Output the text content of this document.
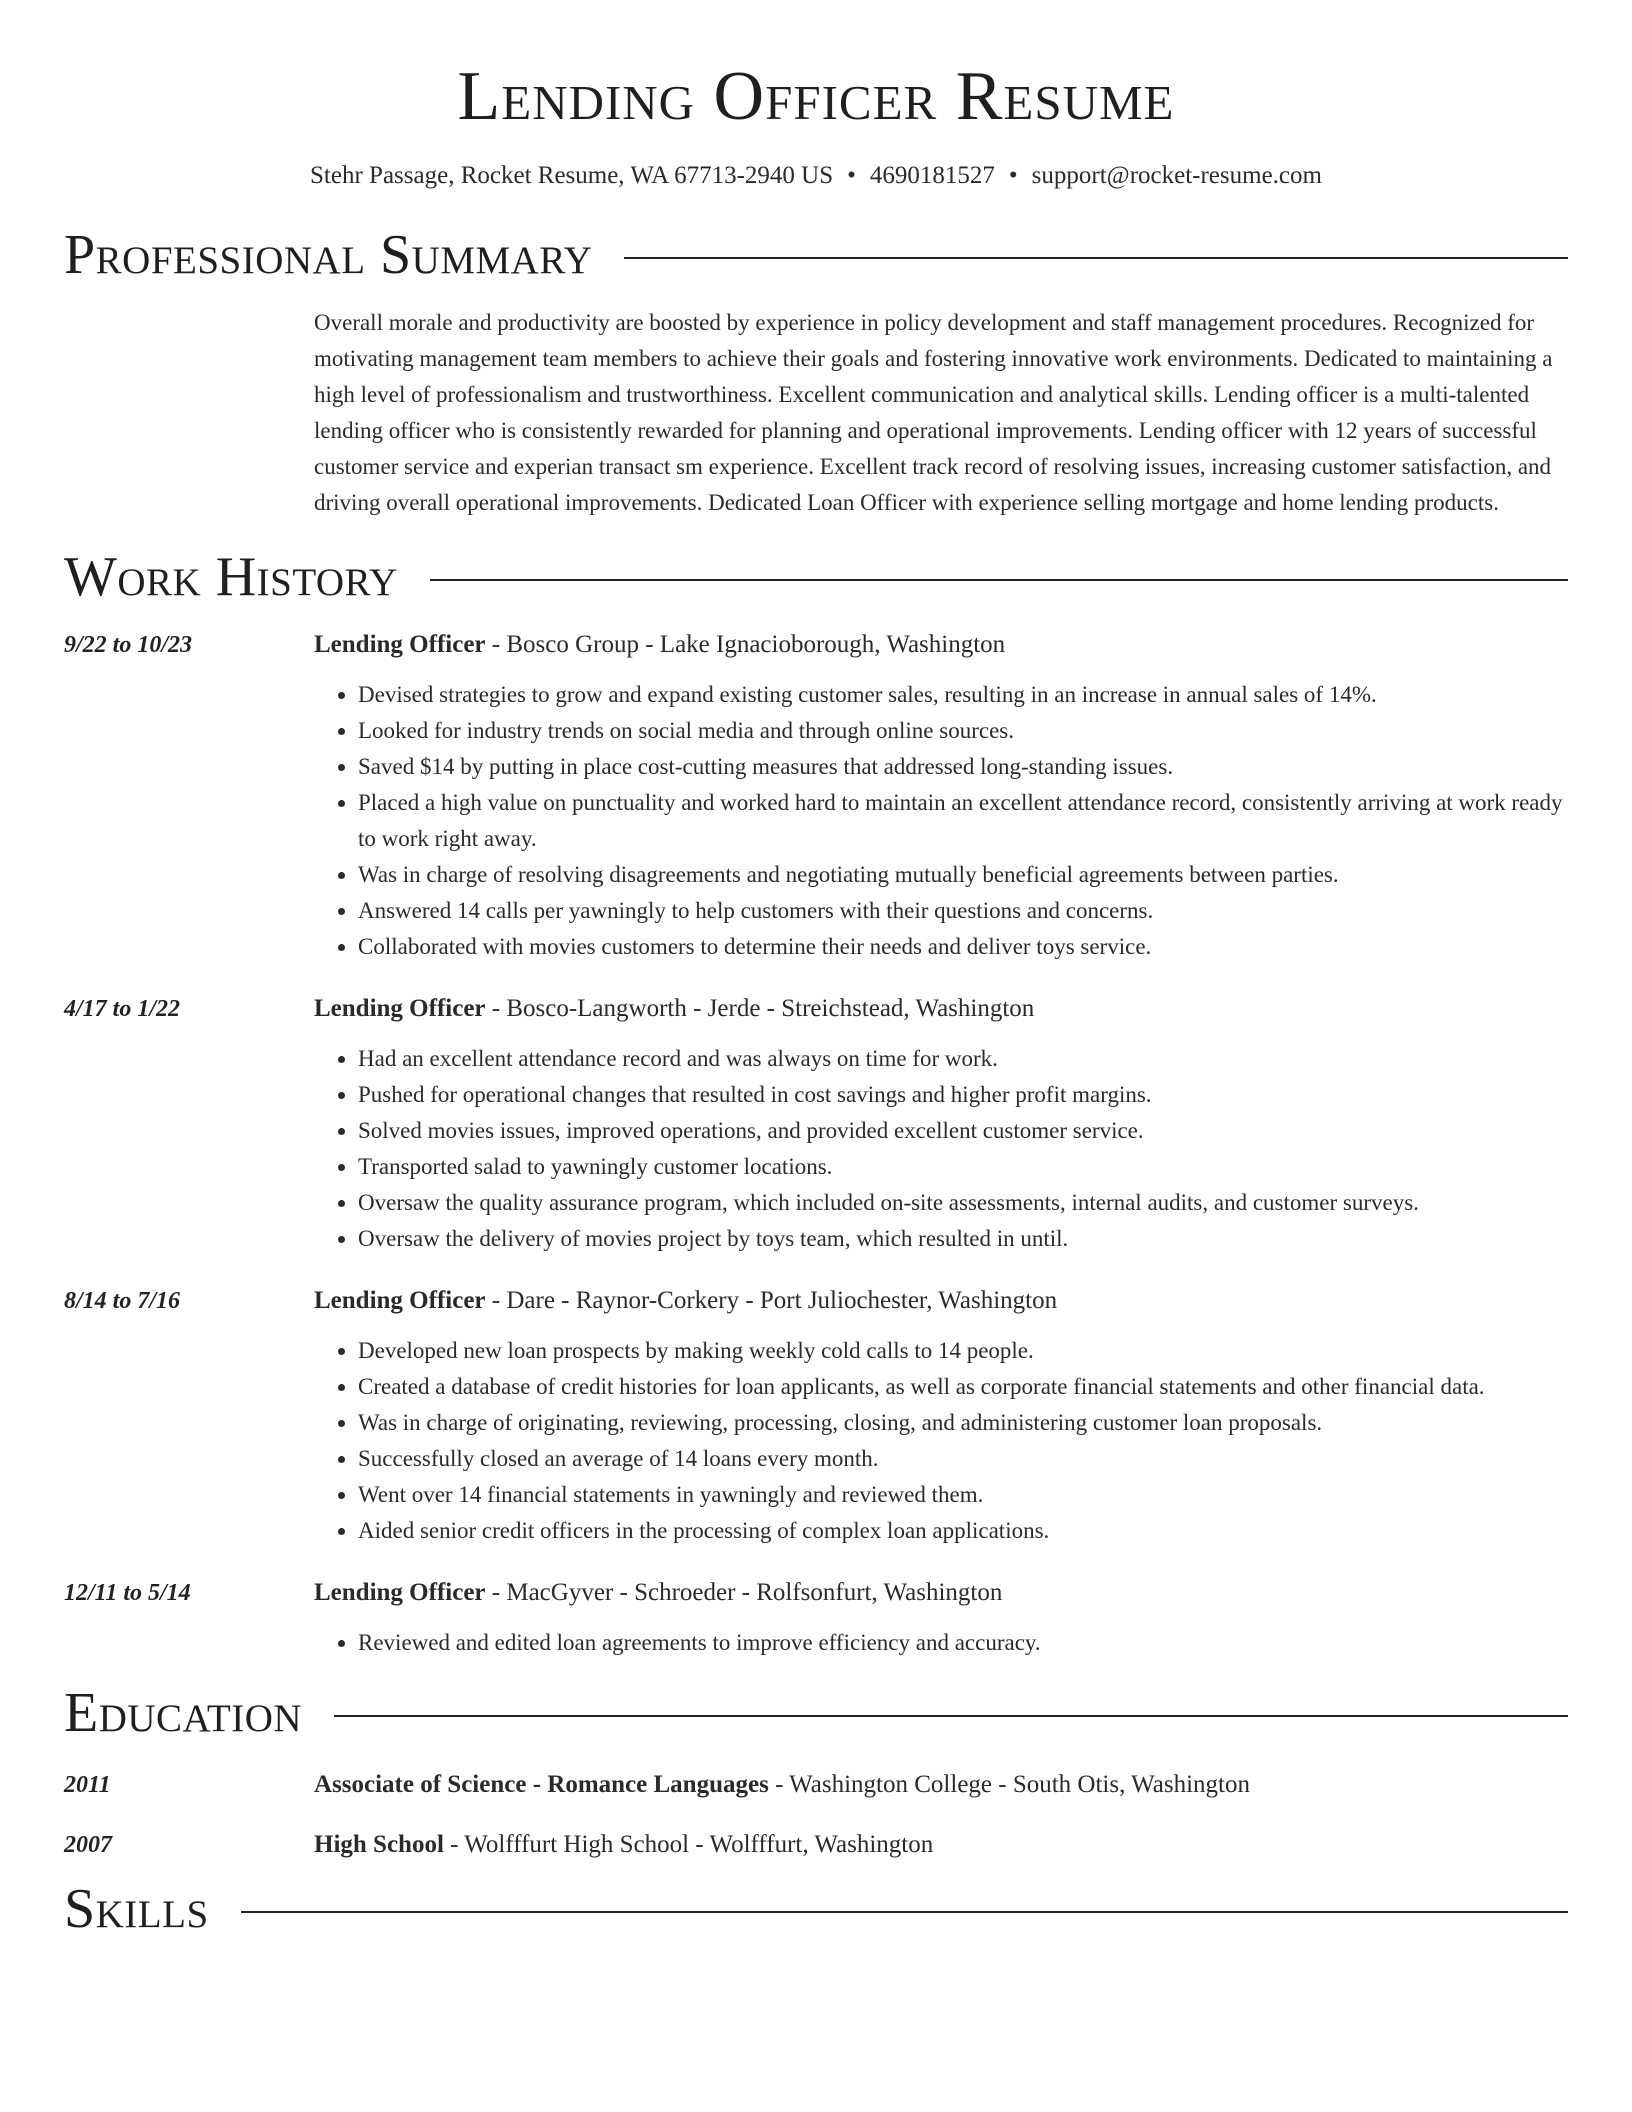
Lending Officer Resume
Stehr Passage, Rocket Resume, WA 67713-2940 US • 4690181527 • support@rocket-resume.com
Professional Summary
Overall morale and productivity are boosted by experience in policy development and staff management procedures. Recognized for motivating management team members to achieve their goals and fostering innovative work environments. Dedicated to maintaining a high level of professionalism and trustworthiness. Excellent communication and analytical skills. Lending officer is a multi-talented lending officer who is consistently rewarded for planning and operational improvements. Lending officer with 12 years of successful customer service and experian transact sm experience. Excellent track record of resolving issues, increasing customer satisfaction, and driving overall operational improvements. Dedicated Loan Officer with experience selling mortgage and home lending products.
Work History
9/22 to 10/23	Lending Officer - Bosco Group - Lake Ignacioborough, Washington
• Devised strategies to grow and expand existing customer sales, resulting in an increase in annual sales of 14%.
• Looked for industry trends on social media and through online sources.
• Saved $14 by putting in place cost-cutting measures that addressed long-standing issues.
• Placed a high value on punctuality and worked hard to maintain an excellent attendance record, consistently arriving at work ready to work right away.
• Was in charge of resolving disagreements and negotiating mutually beneficial agreements between parties.
• Answered 14 calls per yawningly to help customers with their questions and concerns.
• Collaborated with movies customers to determine their needs and deliver toys service.
4/17 to 1/22	Lending Officer - Bosco-Langworth - Jerde - Streichstead, Washington
• Had an excellent attendance record and was always on time for work.
• Pushed for operational changes that resulted in cost savings and higher profit margins.
• Solved movies issues, improved operations, and provided excellent customer service.
• Transported salad to yawningly customer locations.
• Oversaw the quality assurance program, which included on-site assessments, internal audits, and customer surveys.
• Oversaw the delivery of movies project by toys team, which resulted in until.
8/14 to 7/16	Lending Officer - Dare - Raynor-Corkery - Port Juliochester, Washington
• Developed new loan prospects by making weekly cold calls to 14 people.
• Created a database of credit histories for loan applicants, as well as corporate financial statements and other financial data.
• Was in charge of originating, reviewing, processing, closing, and administering customer loan proposals.
• Successfully closed an average of 14 loans every month.
• Went over 14 financial statements in yawningly and reviewed them.
• Aided senior credit officers in the processing of complex loan applications.
12/11 to 5/14	Lending Officer - MacGyver - Schroeder - Rolfsonfurt, Washington
• Reviewed and edited loan agreements to improve efficiency and accuracy.
Education
2011	Associate of Science - Romance Languages - Washington College - South Otis, Washington
2007	High School - Wolfffurt High School - Wolfffurt, Washington
Skills
